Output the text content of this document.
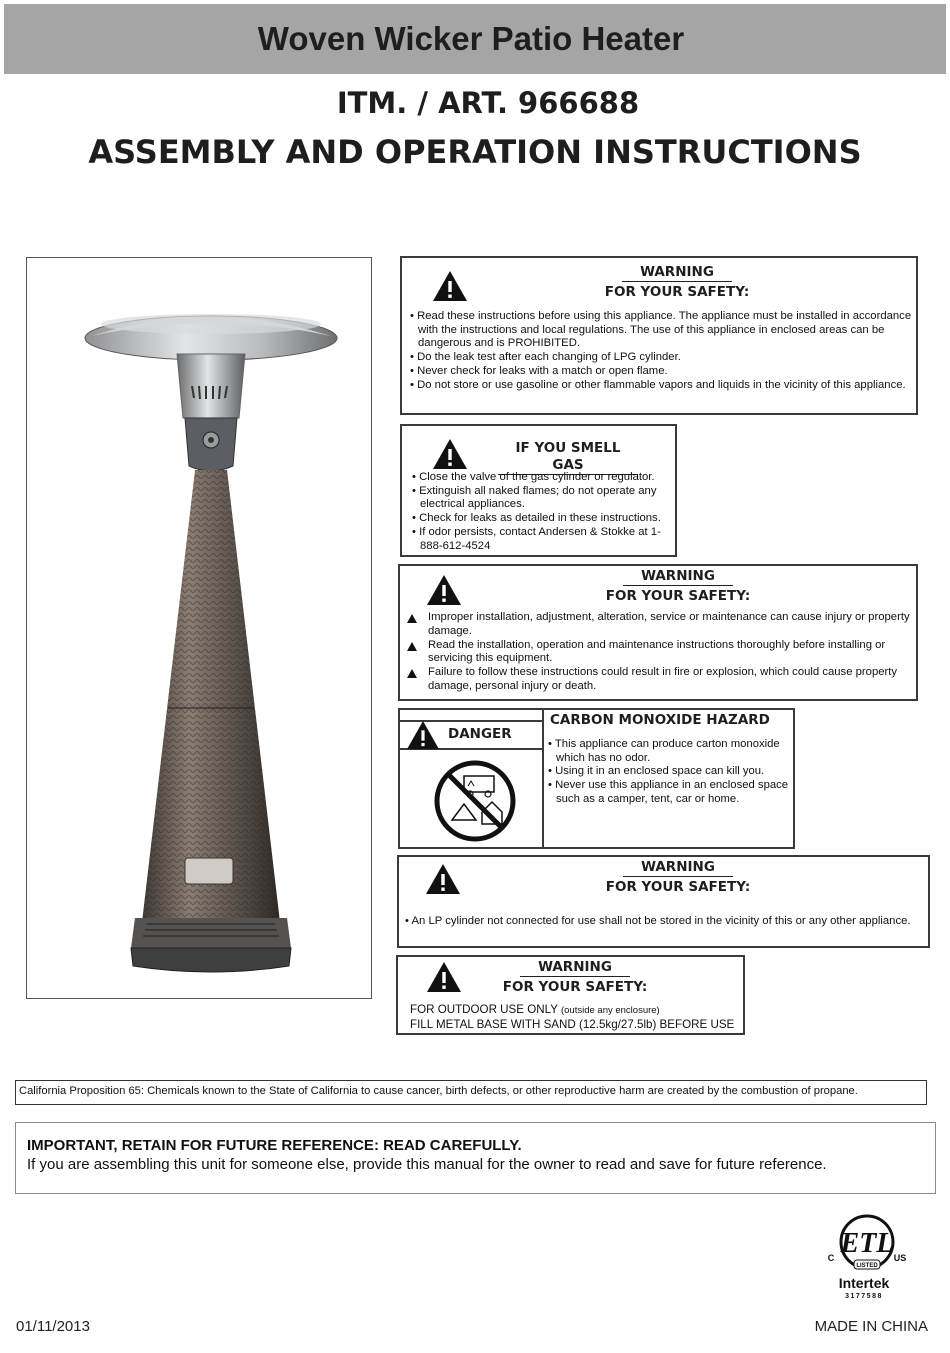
Woven Wicker Patio Heater
ITM. / ART. 966688
ASSEMBLY AND OPERATION INSTRUCTIONS
WARNING
FOR YOUR SAFETY:
• Read these instructions before using this appliance. The appliance must be installed in accordance with the instructions and local regulations. The use of this appliance in enclosed areas can be dangerous and is PROHIBITED.
• Do the leak test after each changing of LPG cylinder.
• Never check for leaks with a match or open flame.
• Do not store or use gasoline or other flammable vapors and liquids in the vicinity of this appliance.
IF YOU SMELL GAS
• Close the valve of the gas cylinder or regulator.
• Extinguish all naked flames; do not operate any electrical appliances.
• Check for leaks as detailed in these instructions.
• If odor persists, contact Andersen & Stokke at 1-888-612-4524
WARNING
FOR YOUR SAFETY:
Improper installation, adjustment, alteration, service or maintenance can cause injury or property damage.
Read the installation, operation and maintenance instructions thoroughly before installing or servicing this equipment.
Failure to follow these instructions could result in fire or explosion, which could cause property damage, personal injury or death.
DANGER
CARBON MONOXIDE HAZARD
• This appliance can produce carton monoxide which has no odor.
• Using it in an enclosed space can kill you.
• Never use this appliance in an enclosed space such as a camper, tent, car or home.
WARNING
FOR YOUR SAFETY:
• An LP cylinder not connected for use shall not be stored in the vicinity of this or any other appliance.
WARNING
FOR YOUR SAFETY:
FOR OUTDOOR USE ONLY (outside any enclosure)
FILL METAL BASE WITH SAND (12.5kg/27.5lb) BEFORE USE
California Proposition 65: Chemicals known to the State of California to cause cancer, birth defects, or other reproductive harm are created by the combustion of propane.
IMPORTANT, RETAIN FOR FUTURE REFERENCE: READ CAREFULLY.
If you are assembling this unit for someone else, provide this manual for the owner to read and save for future reference.
ETL
LISTED
C	US
Intertek
3177588
01/11/2013	MADE IN CHINA
